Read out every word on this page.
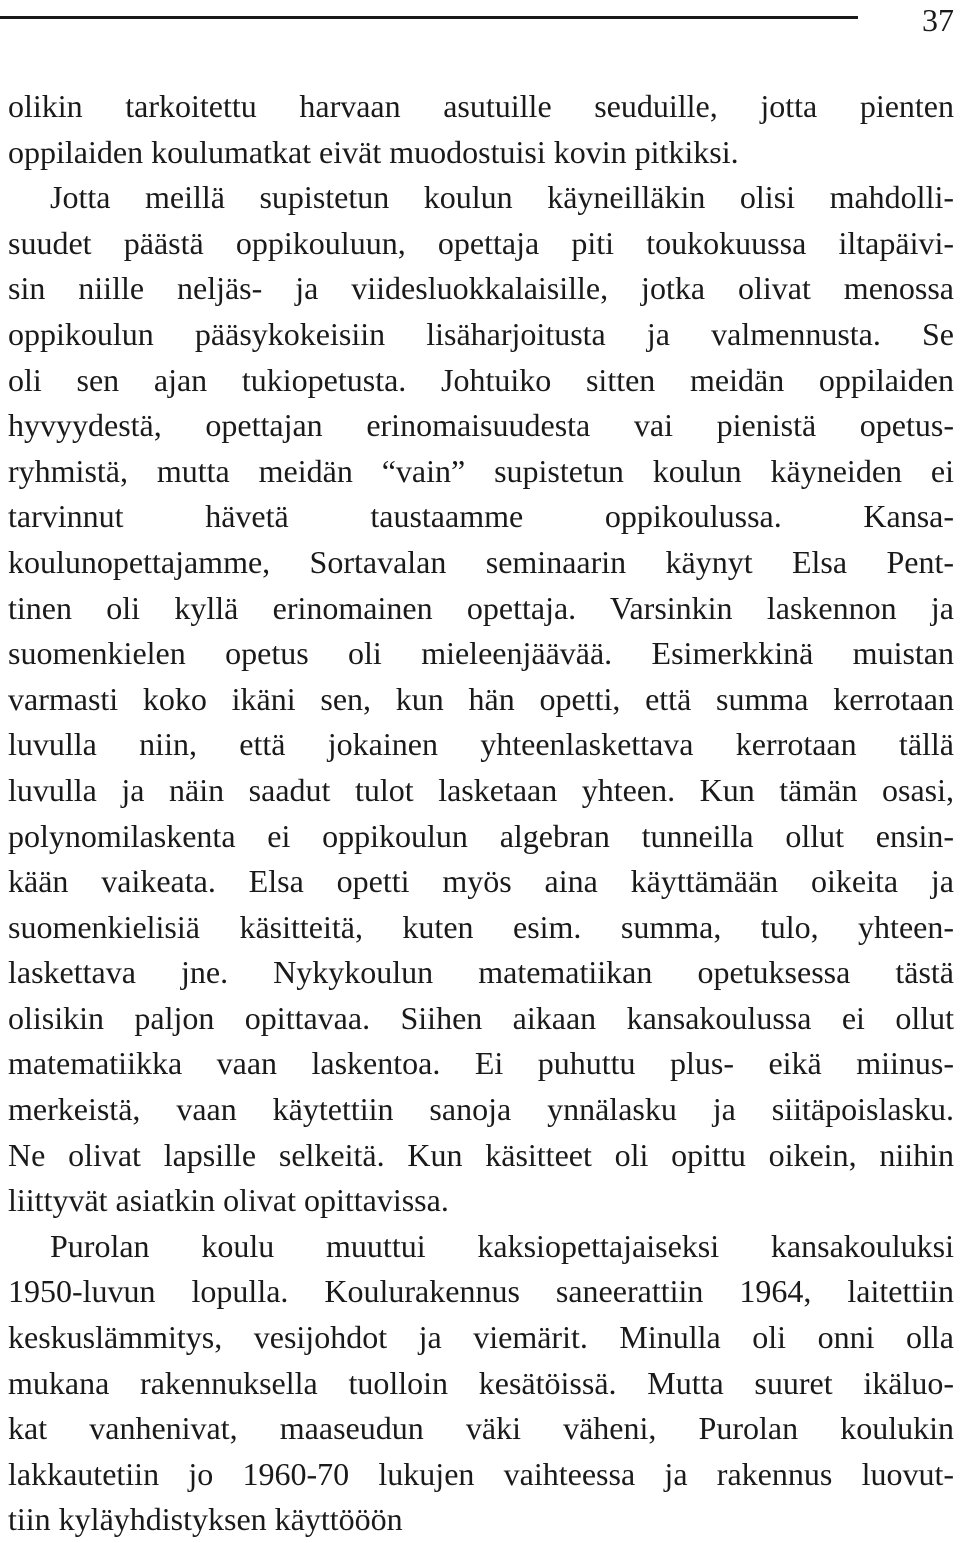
37
olikin tarkoitettu harvaan asutuille seuduille, jotta pienten
oppilaiden koulumatkat eivät muodostuisi kovin pitkiksi.
Jotta meillä supistetun koulun käyneilläkin olisi mahdolli-
suudet päästä oppikouluun, opettaja piti toukokuussa iltapäivi-
sin niille neljäs- ja viidesluokkalaisille, jotka olivat menossa
oppikoulun pääsykokeisiin lisäharjoitusta ja valmennusta. Se
oli sen ajan tukiopetusta. Johtuiko sitten meidän oppilaiden
hyvyydestä, opettajan erinomaisuudesta vai pienistä opetus-
ryhmistä, mutta meidän “vain” supistetun koulun käyneiden ei
tarvinnut hävetä taustaamme oppikoulussa. Kansa-
koulunopettajamme, Sortavalan seminaarin käynyt Elsa Pent-
tinen oli kyllä erinomainen opettaja. Varsinkin laskennon ja
suomenkielen opetus oli mieleenjäävää. Esimerkkinä muistan
varmasti koko ikäni sen, kun hän opetti, että summa kerrotaan
luvulla niin, että jokainen yhteenlaskettava kerrotaan tällä
luvulla ja näin saadut tulot lasketaan yhteen. Kun tämän osasi,
polynomilaskenta ei oppikoulun algebran tunneilla ollut ensin-
kään vaikeata. Elsa opetti myös aina käyttämään oikeita ja
suomenkielisiä käsitteitä, kuten esim. summa, tulo, yhteen-
laskettava jne. Nykykoulun matematiikan opetuksessa tästä
olisikin paljon opittavaa. Siihen aikaan kansakoulussa ei ollut
matematiikka vaan laskentoa. Ei puhuttu plus- eikä miinus-
merkeistä, vaan käytettiin sanoja ynnälasku ja siitäpoislasku.
Ne olivat lapsille selkeitä. Kun käsitteet oli opittu oikein, niihin
liittyvät asiatkin olivat opittavissa.
Purolan koulu muuttui kaksiopettajaiseksi kansakouluksi
1950-luvun lopulla. Koulurakennus saneerattiin 1964, laitettiin
keskuslämmitys, vesijohdot ja viemärit. Minulla oli onni olla
mukana rakennuksella tuolloin kesätöissä. Mutta suuret ikäluo-
kat vanhenivat, maaseudun väki väheni, Purolan koulukin
lakkautetiin jo 1960-70 lukujen vaihteessa ja rakennus luovut-
tiin kyläyhdistyksen käyttööön
